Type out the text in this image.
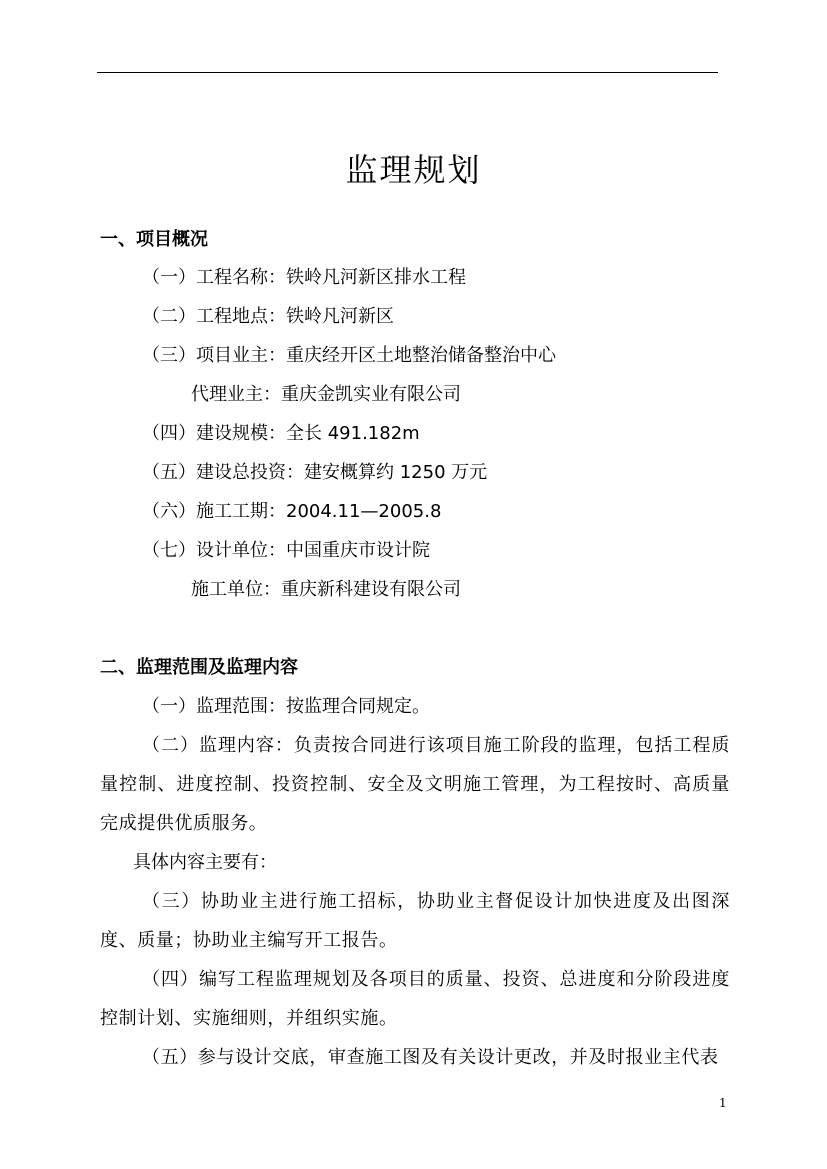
监理规划
一、项目概况
（一）工程名称：铁岭凡河新区排水工程
（二）工程地点：铁岭凡河新区
（三）项目业主：重庆经开区土地整治储备整治中心
代理业主：重庆金凯实业有限公司
（四）建设规模：全长 491.182m
（五）建设总投资：建安概算约 1250 万元
（六）施工工期：2004.11—2005.8
（七）设计单位：中国重庆市设计院
施工单位：重庆新科建设有限公司
二、监理范围及监理内容
（一）监理范围：按监理合同规定。
（二）监理内容：负责按合同进行该项目施工阶段的监理，包括工程质量控制、进度控制、投资控制、安全及文明施工管理，为工程按时、高质量完成提供优质服务。
具体内容主要有：
（三）协助业主进行施工招标，协助业主督促设计加快进度及出图深度、质量；协助业主编写开工报告。
（四）编写工程监理规划及各项目的质量、投资、总进度和分阶段进度控制计划、实施细则，并组织实施。
（五）参与设计交底，审查施工图及有关设计更改，并及时报业主代表
1
